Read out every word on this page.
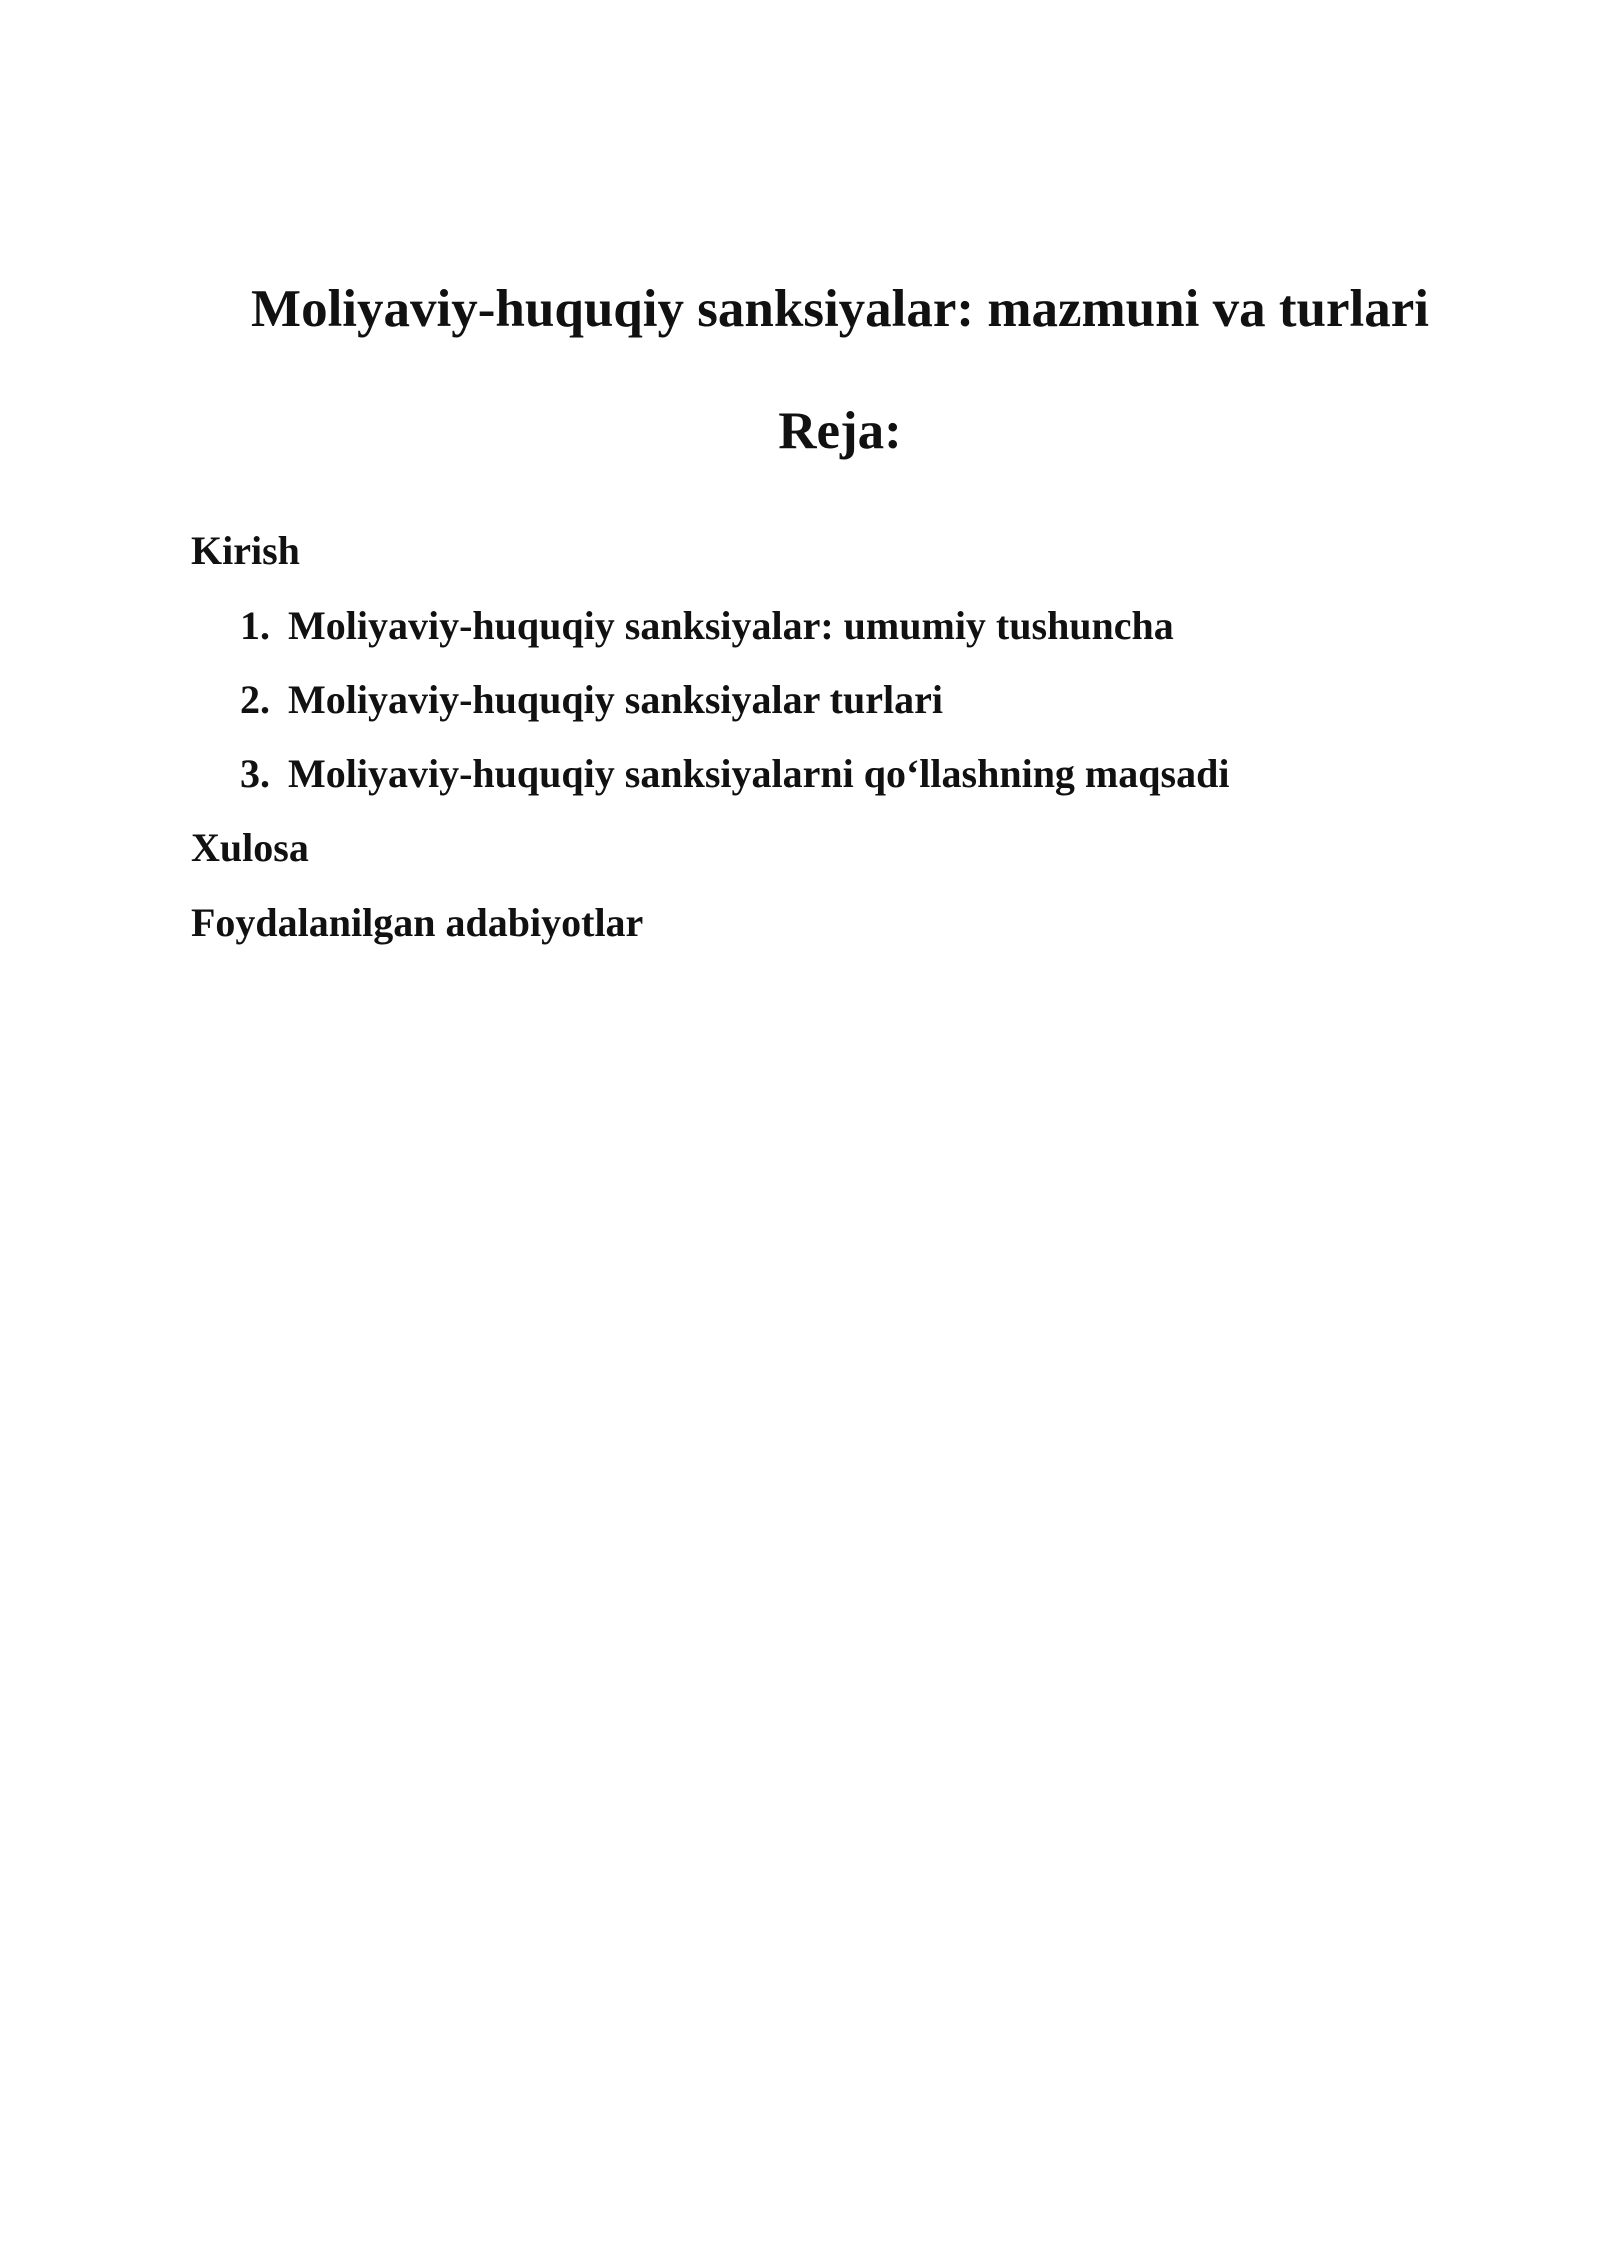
Moliyaviy-huquqiy sanksiyalar: mazmuni va turlari
Reja:
Kirish
1. Moliyaviy-huquqiy sanksiyalar: umumiy tushuncha
2. Moliyaviy-huquqiy sanksiyalar turlari
3. Moliyaviy-huquqiy sanksiyalarni qo‘llashning maqsadi
Xulosa
Foydalanilgan adabiyotlar
